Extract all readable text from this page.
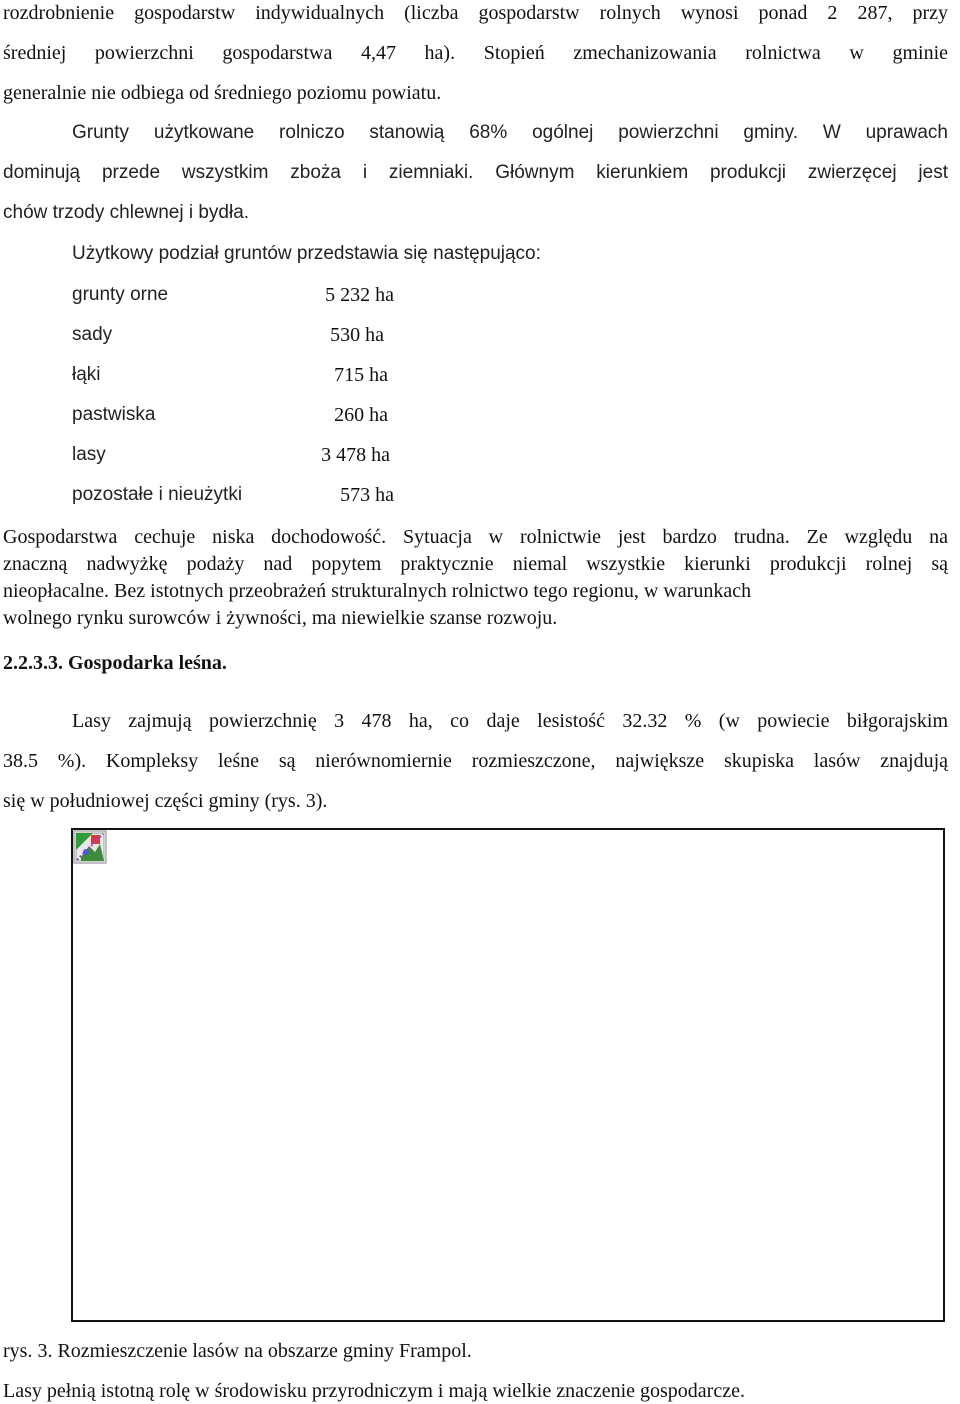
rozdrobnienie gospodarstw indywidualnych (liczba gospodarstw rolnych wynosi ponad 2 287, przy
średniej powierzchni gospodarstwa 4,47 ha). Stopień zmechanizowania rolnictwa w gminie
generalnie nie odbiega od średniego poziomu powiatu.
Grunty użytkowane rolniczo stanowią 68% ogólnej powierzchni gminy. W uprawach
dominują przede wszystkim zboża i ziemniaki. Głównym kierunkiem produkcji zwierzęcej jest
chów trzody chlewnej i bydła.
Użytkowy podział gruntów przedstawia się następująco:
grunty orne	5 232 ha
sady	530 ha
łąki	715 ha
pastwiska	260 ha
lasy	3 478 ha
pozostałe i nieużytki	573 ha
Gospodarstwa cechuje niska dochodowość. Sytuacja w rolnictwie jest bardzo trudna. Ze względu na
znaczną nadwyżkę podaży nad popytem praktycznie niemal wszystkie kierunki produkcji rolnej są
nieopłacalne. Bez istotnych przeobrażeń strukturalnych rolnictwo tego regionu, w warunkach
wolnego rynku surowców i żywności, ma niewielkie szanse rozwoju.
2.2.3.3. Gospodarka leśna.
Lasy zajmują powierzchnię 3 478 ha, co daje lesistość 32.32 % (w powiecie biłgorajskim
38.5 %). Kompleksy leśne są nierównomiernie rozmieszczone, największe skupiska lasów znajdują
się w południowej części gminy (rys. 3).
rys. 3. Rozmieszczenie lasów na obszarze gminy Frampol.
Lasy pełnią istotną rolę w środowisku przyrodniczym i mają wielkie znaczenie gospodarcze.
